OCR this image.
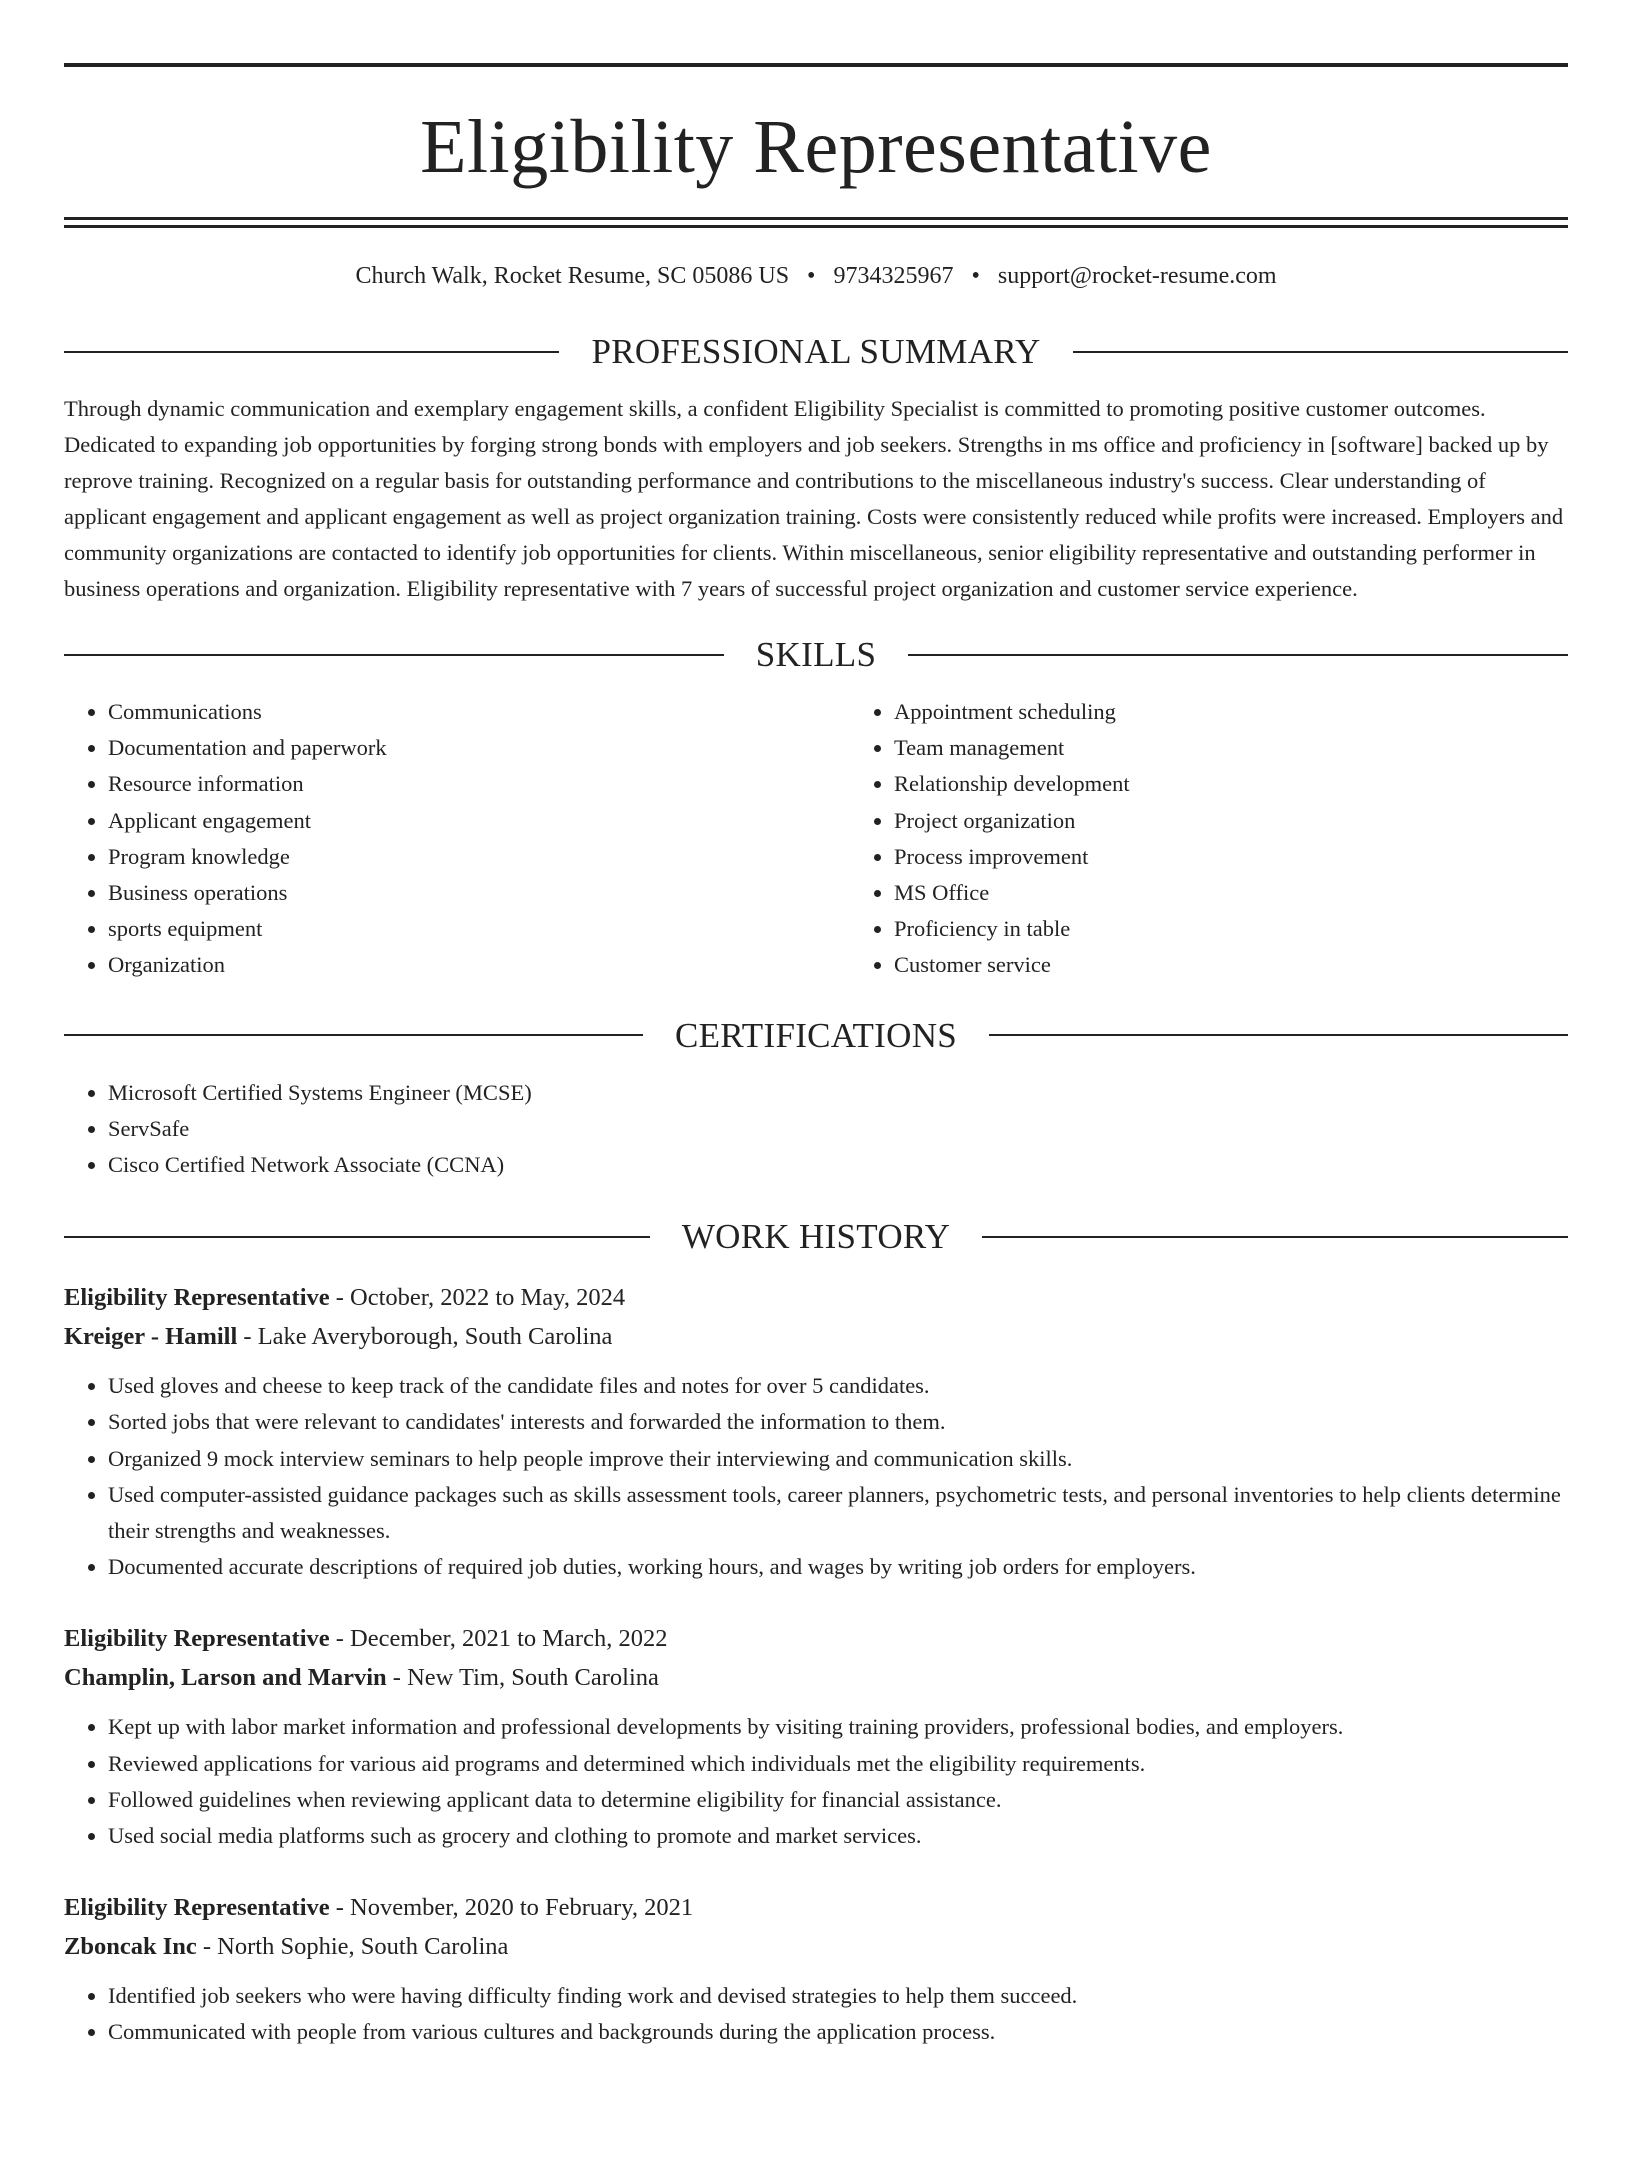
Eligibility Representative
Church Walk, Rocket Resume, SC 05086 US • 9734325967 • support@rocket-resume.com
PROFESSIONAL SUMMARY

Through dynamic communication and exemplary engagement skills, a confident Eligibility Specialist is committed to promoting positive customer outcomes. Dedicated to expanding job opportunities by forging strong bonds with employers and job seekers. Strengths in ms office and proficiency in [software] backed up by reprove training. Recognized on a regular basis for outstanding performance and contributions to the miscellaneous industry's success. Clear understanding of applicant engagement and applicant engagement as well as project organization training. Costs were consistently reduced while profits were increased. Employers and community organizations are contacted to identify job opportunities for clients. Within miscellaneous, senior eligibility representative and outstanding performer in business operations and organization. Eligibility representative with 7 years of successful project organization and customer service experience.

SKILLS
• Communications
• Documentation and paperwork
• Resource information
• Applicant engagement
• Program knowledge
• Business operations
• sports equipment
• Organization
• Appointment scheduling
• Team management
• Relationship development
• Project organization
• Process improvement
• MS Office
• Proficiency in table
• Customer service
CERTIFICATIONS
• Microsoft Certified Systems Engineer (MCSE)
• ServSafe
• Cisco Certified Network Associate (CCNA)
WORK HISTORY
Eligibility Representative - October, 2022 to May, 2024
Kreiger - Hamill - Lake Averyborough, South Carolina
• Used gloves and cheese to keep track of the candidate files and notes for over 5 candidates.
• Sorted jobs that were relevant to candidates' interests and forwarded the information to them.
• Organized 9 mock interview seminars to help people improve their interviewing and communication skills.
• Used computer-assisted guidance packages such as skills assessment tools, career planners, psychometric tests, and personal inventories to help clients determine their strengths and weaknesses.
• Documented accurate descriptions of required job duties, working hours, and wages by writing job orders for employers.
Eligibility Representative - December, 2021 to March, 2022
Champlin, Larson and Marvin - New Tim, South Carolina
• Kept up with labor market information and professional developments by visiting training providers, professional bodies, and employers.
• Reviewed applications for various aid programs and determined which individuals met the eligibility requirements.
• Followed guidelines when reviewing applicant data to determine eligibility for financial assistance.
• Used social media platforms such as grocery and clothing to promote and market services.
Eligibility Representative - November, 2020 to February, 2021
Zboncak Inc - North Sophie, South Carolina
• Identified job seekers who were having difficulty finding work and devised strategies to help them succeed.
• Communicated with people from various cultures and backgrounds during the application process.
